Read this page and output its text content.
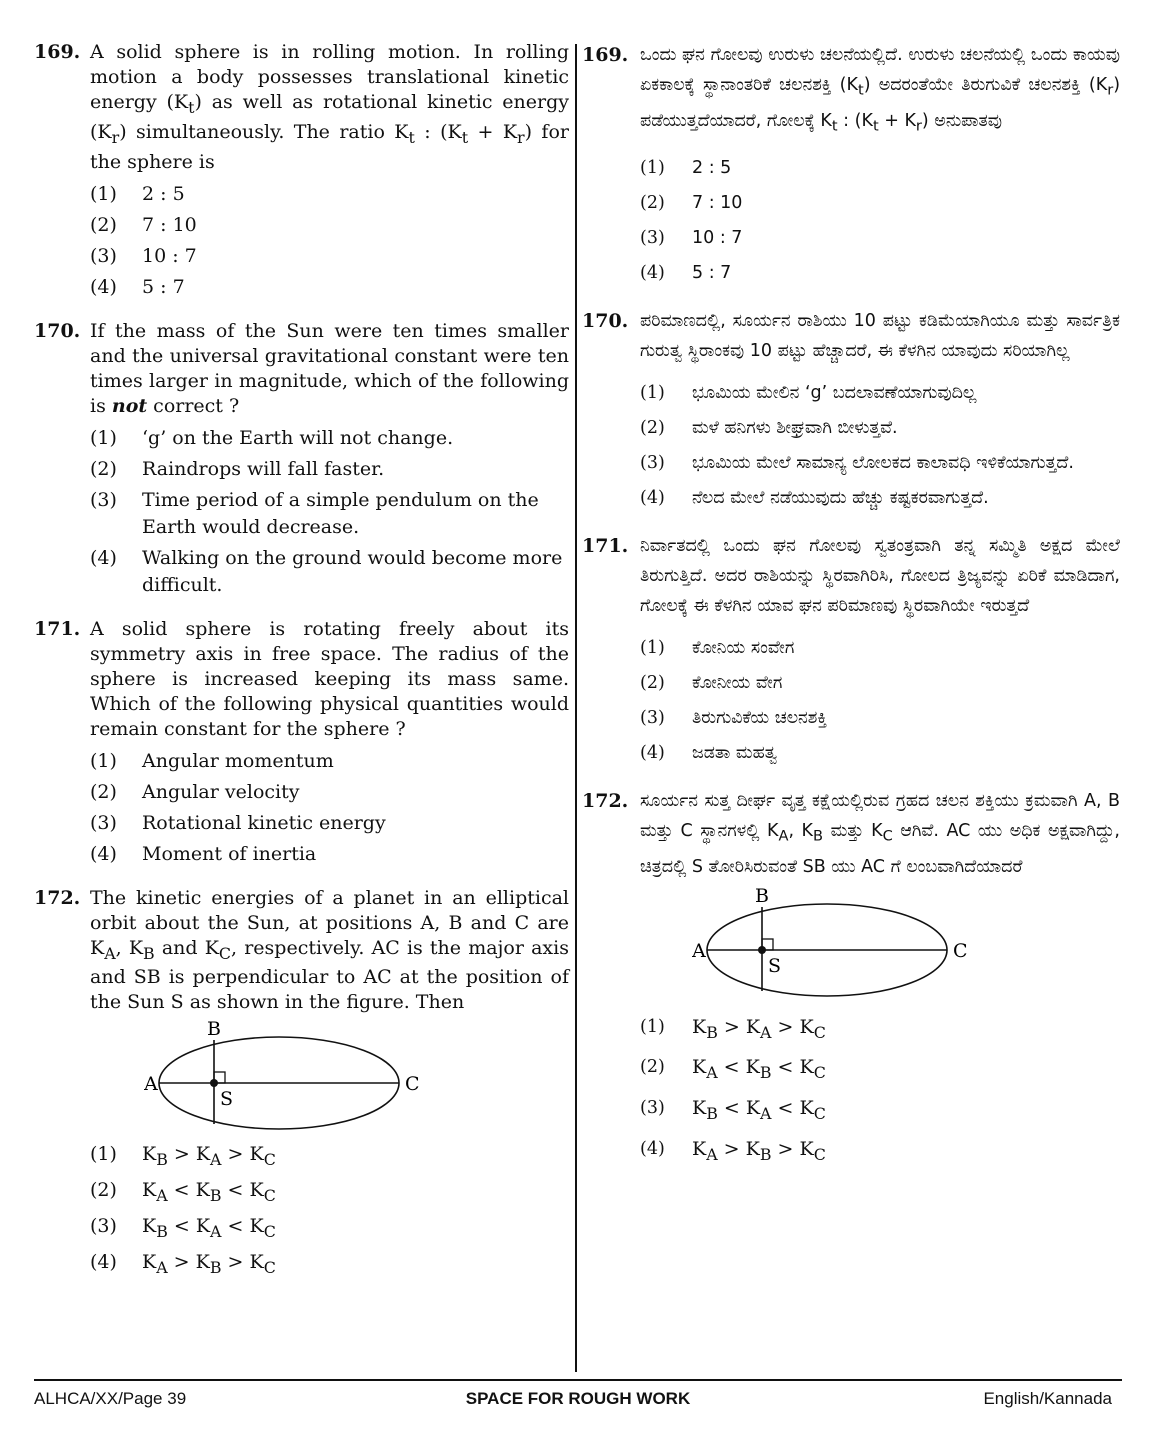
169. A solid sphere is in rolling motion. In rolling motion a body possesses translational kinetic energy $(K_t)$ as well as rotational kinetic energy $(K_r)$ simultaneously. The ratio $K_t$ : $(K_t + K_r)$ for the sphere is
(1)	2 : 5
(2)	7 : 10
(3)	10 : 7
(4)	5 : 7
170. If the mass of the Sun were ten times smaller and the universal gravitational constant were ten times larger in magnitude, which of the following is not correct ?
(1)	‘g’ on the Earth will not change.
(2)	Raindrops will fall faster.
(3)	Time period of a simple pendulum on the Earth would decrease.
(4)	Walking on the ground would become more difficult.
171. A solid sphere is rotating freely about its symmetry axis in free space. The radius of the sphere is increased keeping its mass same. Which of the following physical quantities would remain constant for the sphere ?
(1)	Angular momentum
(2)	Angular velocity
(3)	Rotational kinetic energy
(4)	Moment of inertia
172. The kinetic energies of a planet in an elliptical orbit about the Sun, at positions A, B and C are $K_A$, $K_B$ and $K_C$, respectively. AC is the major axis and SB is perpendicular to AC at the position of the Sun S as shown in the figure. Then
A
B
C
S
(1)	$K_B > K_A > K_C$
(2)	$K_A < K_B < K_C$
(3)	$K_B < K_A < K_C$
(4)	$K_A > K_B > K_C$
169. ಒಂದು ಘನ ಗೋಲವು ಉರುಳು ಚಲನೆಯಲ್ಲಿದೆ. ಉರುಳು ಚಲನೆಯಲ್ಲಿ ಒಂದು ಕಾಯವು ಏಕಕಾಲಕ್ಕೆ ಸ್ಥಾನಾಂತರಿಕೆ ಚಲನಶಕ್ತಿ $(K_t)$ ಅದರಂತೆಯೇ ತಿರುಗುವಿಕೆ ಚಲನಶಕ್ತಿ $(K_r)$ ಪಡೆಯುತ್ತದೆಯಾದರೆ, ಗೋಲಕ್ಕೆ $K_t$ : $(K_t + K_r)$ ಅನುಪಾತವು
(1)	2 : 5
(2)	7 : 10
(3)	10 : 7
(4)	5 : 7
170. ಪರಿಮಾಣದಲ್ಲಿ, ಸೂರ್ಯನ ರಾಶಿಯು 10 ಪಟ್ಟು ಕಡಿಮೆಯಾಗಿಯೂ ಮತ್ತು ಸಾರ್ವತ್ರಿಕ ಗುರುತ್ವ ಸ್ಥಿರಾಂಕವು 10 ಪಟ್ಟು ಹೆಚ್ಚಾದರೆ, ಈ ಕೆಳಗಿನ ಯಾವುದು ಸರಿಯಾಗಿಲ್ಲ
(1)	ಭೂಮಿಯ ಮೇಲಿನ ‘g’ ಬದಲಾವಣೆಯಾಗುವುದಿಲ್ಲ
(2)	ಮಳೆ ಹನಿಗಳು ಶೀಘ್ರವಾಗಿ ಬೀಳುತ್ತವೆ.
(3)	ಭೂಮಿಯ ಮೇಲೆ ಸಾಮಾನ್ಯ ಲೋಲಕದ ಕಾಲಾವಧಿ ಇಳಿಕೆಯಾಗುತ್ತದೆ.
(4)	ನೆಲದ ಮೇಲೆ ನಡೆಯುವುದು ಹೆಚ್ಚು ಕಷ್ಟಕರವಾಗುತ್ತದೆ.
171. ನಿರ್ವಾತದಲ್ಲಿ ಒಂದು ಘನ ಗೋಲವು ಸ್ವತಂತ್ರವಾಗಿ ತನ್ನ ಸಮ್ಮಿತಿ ಅಕ್ಷದ ಮೇಲೆ ತಿರುಗುತ್ತಿದೆ. ಅದರ ರಾಶಿಯನ್ನು ಸ್ಥಿರವಾಗಿರಿಸಿ, ಗೋಲದ ತ್ರಿಜ್ಯವನ್ನು ಏರಿಕೆ ಮಾಡಿದಾಗ, ಗೋಲಕ್ಕೆ ಈ ಕೆಳಗಿನ ಯಾವ ಘನ ಪರಿಮಾಣವು ಸ್ಥಿರವಾಗಿಯೇ ಇರುತ್ತದೆ
(1)	ಕೋನಿಯ ಸಂವೇಗ
(2)	ಕೋನೀಯ ವೇಗ
(3)	ತಿರುಗುವಿಕೆಯ ಚಲನಶಕ್ತಿ
(4)	ಜಡತಾ ಮಹತ್ವ
172. ಸೂರ್ಯನ ಸುತ್ತ ದೀರ್ಘ ವೃತ್ತ ಕಕ್ಷೆಯಲ್ಲಿರುವ ಗ್ರಹದ ಚಲನ ಶಕ್ತಿಯು ಕ್ರಮವಾಗಿ A, B ಮತ್ತು C ಸ್ಥಾನಗಳಲ್ಲಿ $K_A$, $K_B$ ಮತ್ತು $K_C$ ಆಗಿವೆ. AC ಯು ಅಧಿಕ ಅಕ್ಷವಾಗಿದ್ದು, ಚಿತ್ರದಲ್ಲಿ S ತೋರಿಸಿರುವಂತೆ SB ಯು AC ಗೆ ಲಂಬವಾಗಿದೆಯಾದರೆ
A
B
C
S
(1)	$K_B > K_A > K_C$
(2)	$K_A < K_B < K_C$
(3)	$K_B < K_A < K_C$
(4)	$K_A > K_B > K_C$
ALHCA/XX/Page 39	SPACE FOR ROUGH WORK	English/Kannada
